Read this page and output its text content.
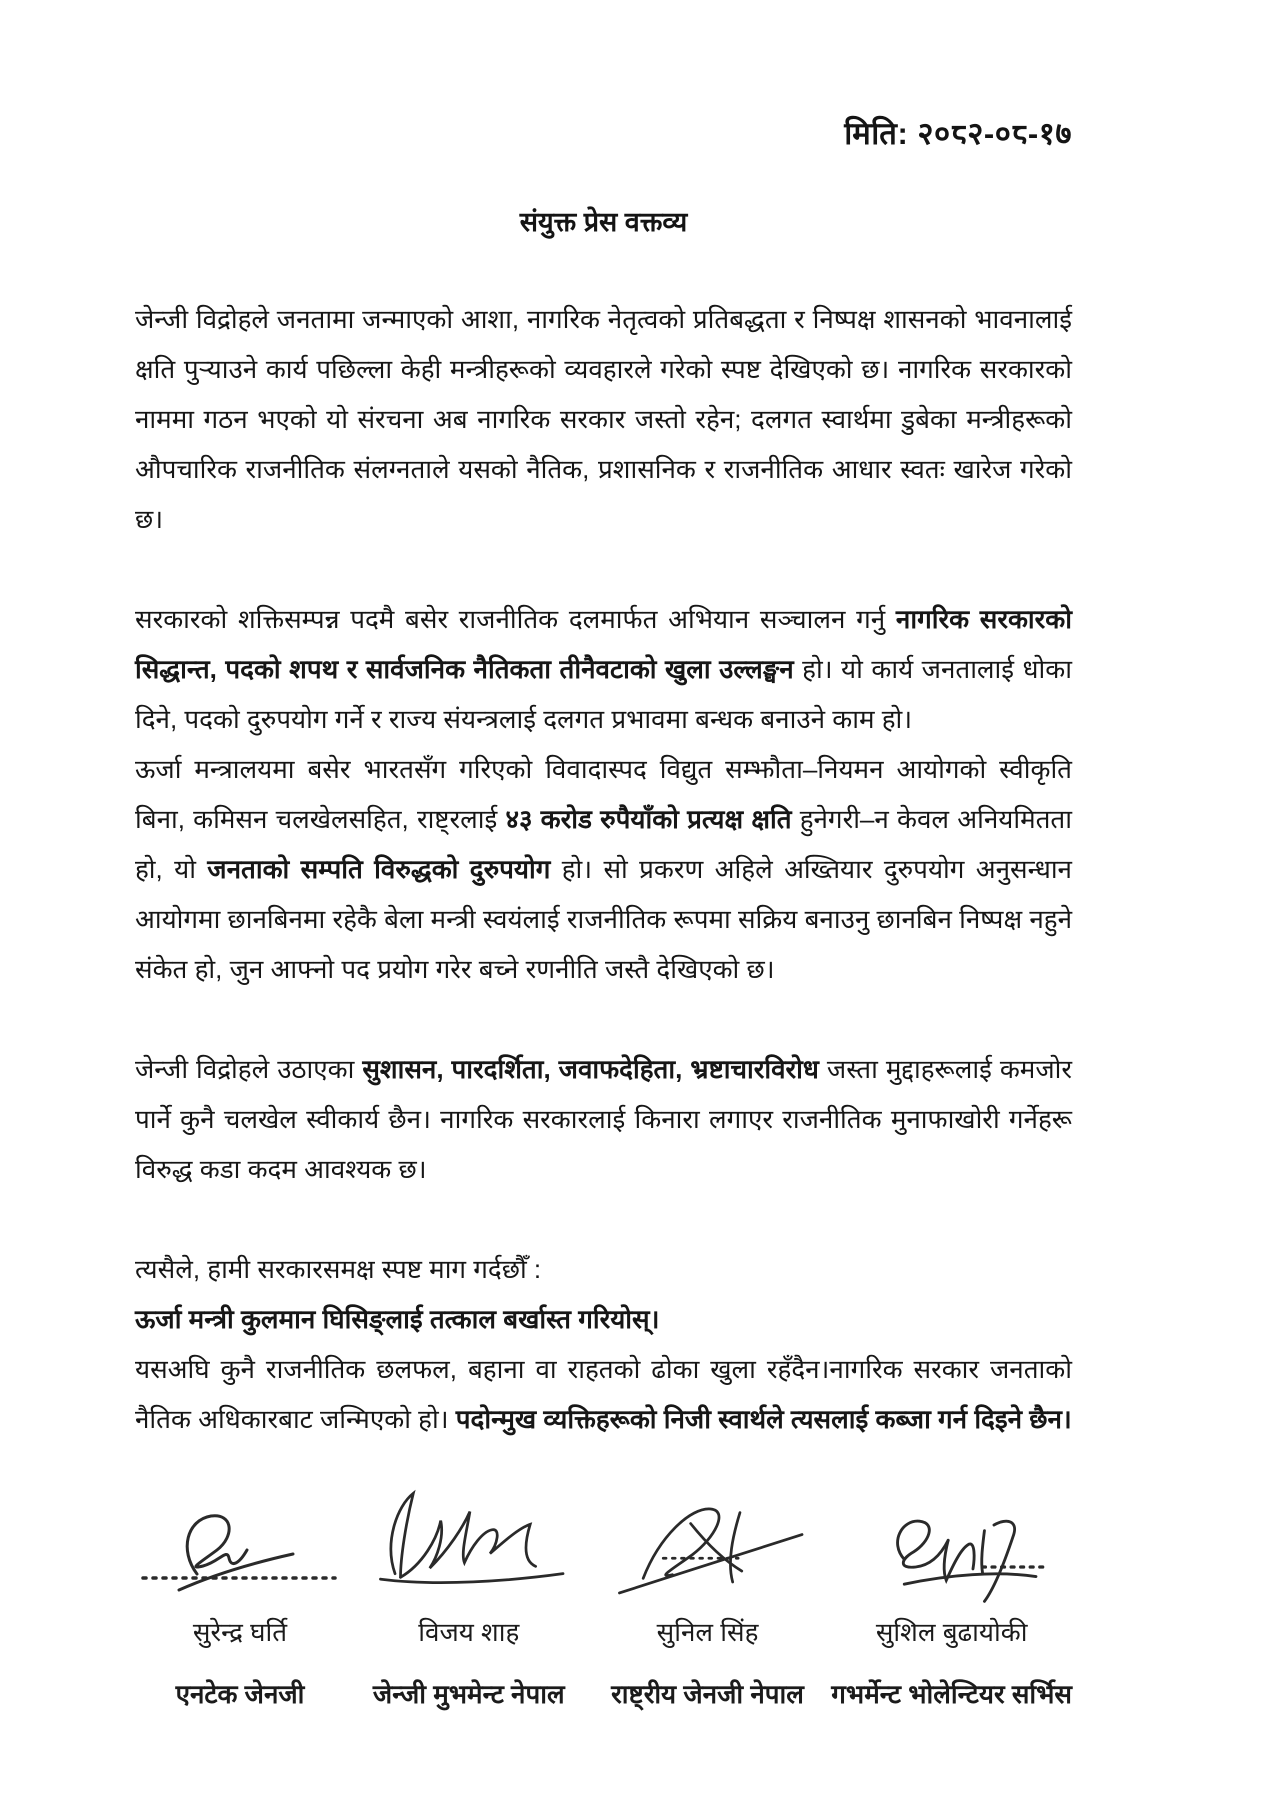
मिति: २०८२-०८-१७
संयुक्त प्रेस वक्तव्य

जेन्जी विद्रोहले जनतामा जन्माएको आशा, नागरिक नेतृत्वको प्रतिबद्धता र निष्पक्ष शासनको भावनालाई क्षति पुऱ्याउने कार्य पछिल्ला केही मन्त्रीहरूको व्यवहारले गरेको स्पष्ट देखिएको छ। नागरिक सरकारको नाममा गठन भएको यो संरचना अब नागरिक सरकार जस्तो रहेन; दलगत स्वार्थमा डुबेका मन्त्रीहरूको औपचारिक राजनीतिक संलग्नताले यसको नैतिक, प्रशासनिक र राजनीतिक आधार स्वतः खारेज गरेको छ।

सरकारको शक्तिसम्पन्न पदमै बसेर राजनीतिक दलमार्फत अभियान सञ्चालन गर्नु नागरिक सरकारको सिद्धान्त, पदको शपथ र सार्वजनिक नैतिकता तीनैवटाको खुला उल्लङ्घन हो। यो कार्य जनतालाई धोका दिने, पदको दुरुपयोग गर्ने र राज्य संयन्त्रलाई दलगत प्रभावमा बन्धक बनाउने काम हो।

ऊर्जा मन्त्रालयमा बसेर भारतसँग गरिएको विवादास्पद विद्युत सम्झौता–नियमन आयोगको स्वीकृति बिना, कमिसन चलखेलसहित, राष्ट्रलाई ४३ करोड रुपैयाँको प्रत्यक्ष क्षति हुनेगरी–न केवल अनियमितता हो, यो जनताको सम्पति विरुद्धको दुरुपयोग हो। सो प्रकरण अहिले अख्तियार दुरुपयोग अनुसन्धान आयोगमा छानबिनमा रहेकै बेला मन्त्री स्वयंलाई राजनीतिक रूपमा सक्रिय बनाउनु छानबिन निष्पक्ष नहुने संकेत हो, जुन आफ्नो पद प्रयोग गरेर बच्ने रणनीति जस्तै देखिएको छ।

जेन्जी विद्रोहले उठाएका सुशासन, पारदर्शिता, जवाफदेहिता, भ्रष्टाचारविरोध जस्ता मुद्दाहरूलाई कमजोर पार्ने कुनै चलखेल स्वीकार्य छैन। नागरिक सरकारलाई किनारा लगाएर राजनीतिक मुनाफाखोरी गर्नेहरू विरुद्ध कडा कदम आवश्यक छ।

त्यसैले, हामी सरकारसमक्ष स्पष्ट माग गर्दछौँ :

ऊर्जा मन्त्री कुलमान घिसिङ्लाई तत्काल बर्खास्त गरियोस्।

यसअघि कुनै राजनीतिक छलफल, बहाना वा राहतको ढोका खुला रहँदैन।नागरिक सरकार जनताको नैतिक अधिकारबाट जन्मिएको हो। पदोन्मुख व्यक्तिहरूको निजी स्वार्थले त्यसलाई कब्जा गर्न दिइने छैन।

सुरेन्द्र घर्ति
एनटेक जेनजी
विजय शाह
जेन्जी मुभमेन्ट नेपाल
सुनिल सिंह
राष्ट्रीय जेनजी नेपाल
सुशिल बुढायोकी
गभर्मेन्ट भोलेन्टियर सर्भिस
